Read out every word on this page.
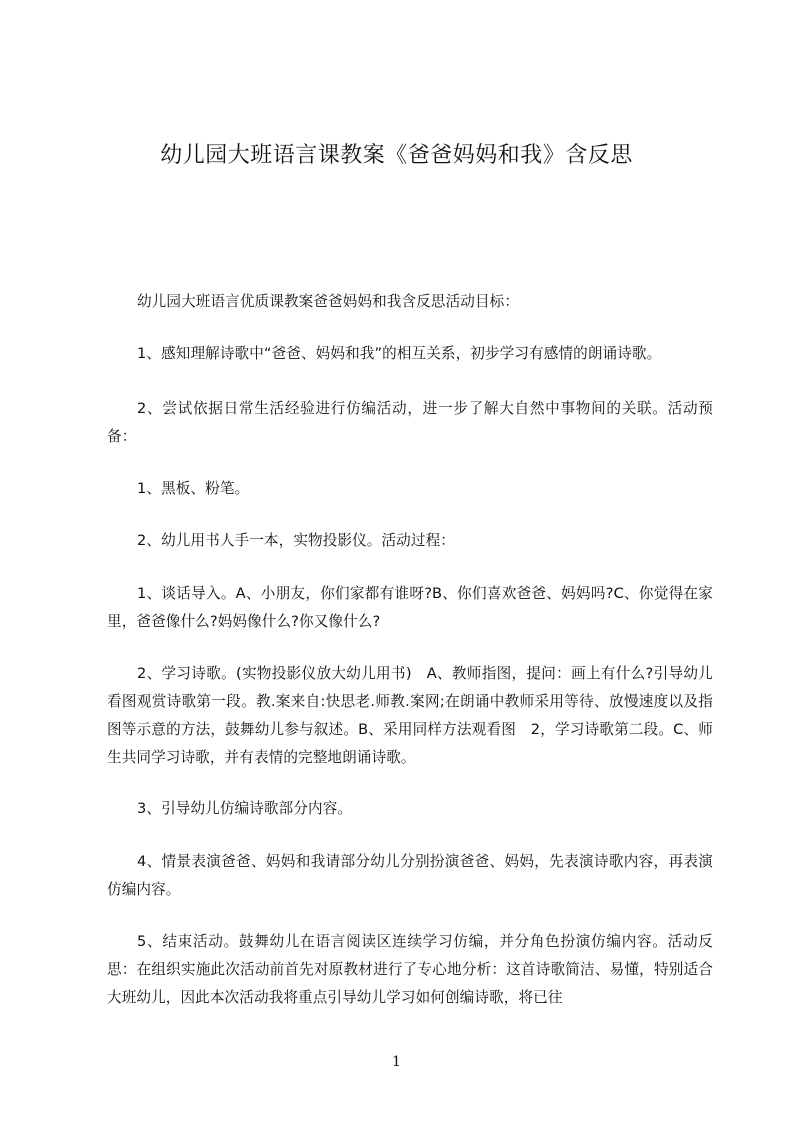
幼儿园大班语言课教案《爸爸妈妈和我》含反思

幼儿园大班语言优质课教案爸爸妈妈和我含反思活动目标：

1、感知理解诗歌中“爸爸、妈妈和我”的相互关系，初步学习有感情的朗诵诗歌。

2、尝试依据日常生活经验进行仿编活动，进一步了解大自然中事物间的关联。活动预备：

1、黑板、粉笔。

2、幼儿用书人手一本，实物投影仪。活动过程：

1、谈话导入。A、小朋友，你们家都有谁呀?B、你们喜欢爸爸、妈妈吗?C、你觉得在家里，爸爸像什么?妈妈像什么?你又像什么?

2、学习诗歌。(实物投影仪放大幼儿用书)　A、教师指图，提问：画上有什么?引导幼儿看图观赏诗歌第一段。教.案来自:快思老.师教.案网;在朗诵中教师采用等待、放慢速度以及指图等示意的方法，鼓舞幼儿参与叙述。B、采用同样方法观看图　2，学习诗歌第二段。C、师生共同学习诗歌，并有表情的完整地朗诵诗歌。

3、引导幼儿仿编诗歌部分内容。

4、情景表演爸爸、妈妈和我请部分幼儿分别扮演爸爸、妈妈，先表演诗歌内容，再表演仿编内容。

5、结束活动。鼓舞幼儿在语言阅读区连续学习仿编，并分角色扮演仿编内容。活动反思：在组织实施此次活动前首先对原教材进行了专心地分析：这首诗歌简洁、易懂，特别适合大班幼儿，因此本次活动我将重点引导幼儿学习如何创编诗歌，将已往

1
